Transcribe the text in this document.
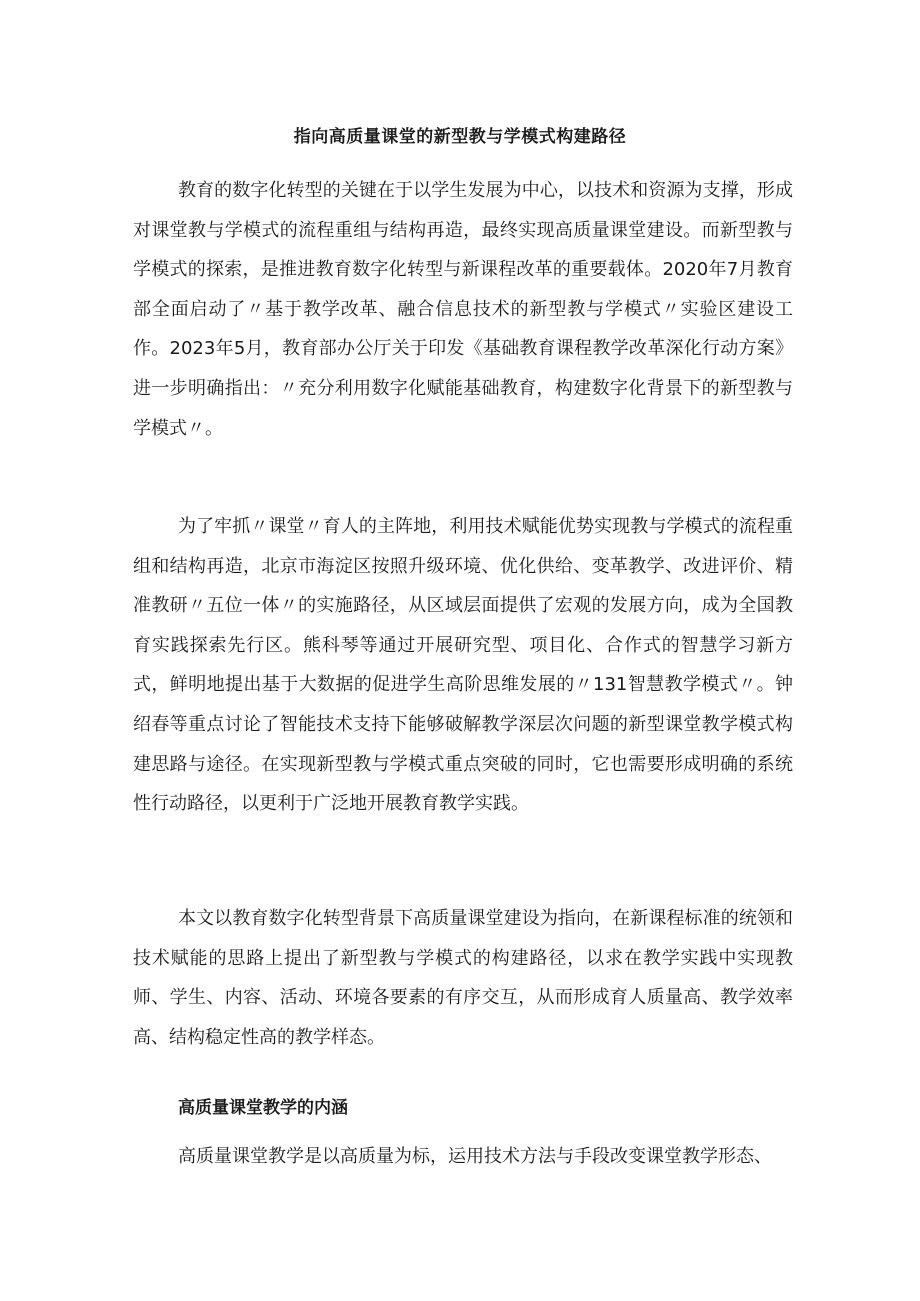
指向高质量课堂的新型教与学模式构建路径

教育的数字化转型的关键在于以学生发展为中心，以技术和资源为支撑，形成对课堂教与学模式的流程重组与结构再造，最终实现高质量课堂建设。而新型教与学模式的探索，是推进教育数字化转型与新课程改革的重要载体。2020年7月教育部全面启动了〃基于教学改革、融合信息技术的新型教与学模式〃实验区建设工作。2023年5月，教育部办公厅关于印发《基础教育课程教学改革深化行动方案》进一步明确指出：〃充分利用数字化赋能基础教育，构建数字化背景下的新型教与学模式〃。

为了牢抓〃课堂〃育人的主阵地，利用技术赋能优势实现教与学模式的流程重组和结构再造，北京市海淀区按照升级环境、优化供给、变革教学、改进评价、精准教研〃五位一体〃的实施路径，从区域层面提供了宏观的发展方向，成为全国教育实践探索先行区。熊科琴等通过开展研究型、项目化、合作式的智慧学习新方式，鲜明地提出基于大数据的促进学生高阶思维发展的〃131智慧教学模式〃。钟绍春等重点讨论了智能技术支持下能够破解教学深层次问题的新型课堂教学模式构建思路与途径。在实现新型教与学模式重点突破的同时，它也需要形成明确的系统性行动路径，以更利于广泛地开展教育教学实践。

本文以教育数字化转型背景下高质量课堂建设为指向，在新课程标准的统领和技术赋能的思路上提出了新型教与学模式的构建路径，以求在教学实践中实现教师、学生、内容、活动、环境各要素的有序交互，从而形成育人质量高、教学效率高、结构稳定性高的教学样态。

高质量课堂教学的内涵

高质量课堂教学是以高质量为标，运用技术方法与手段改变课堂教学形态、
